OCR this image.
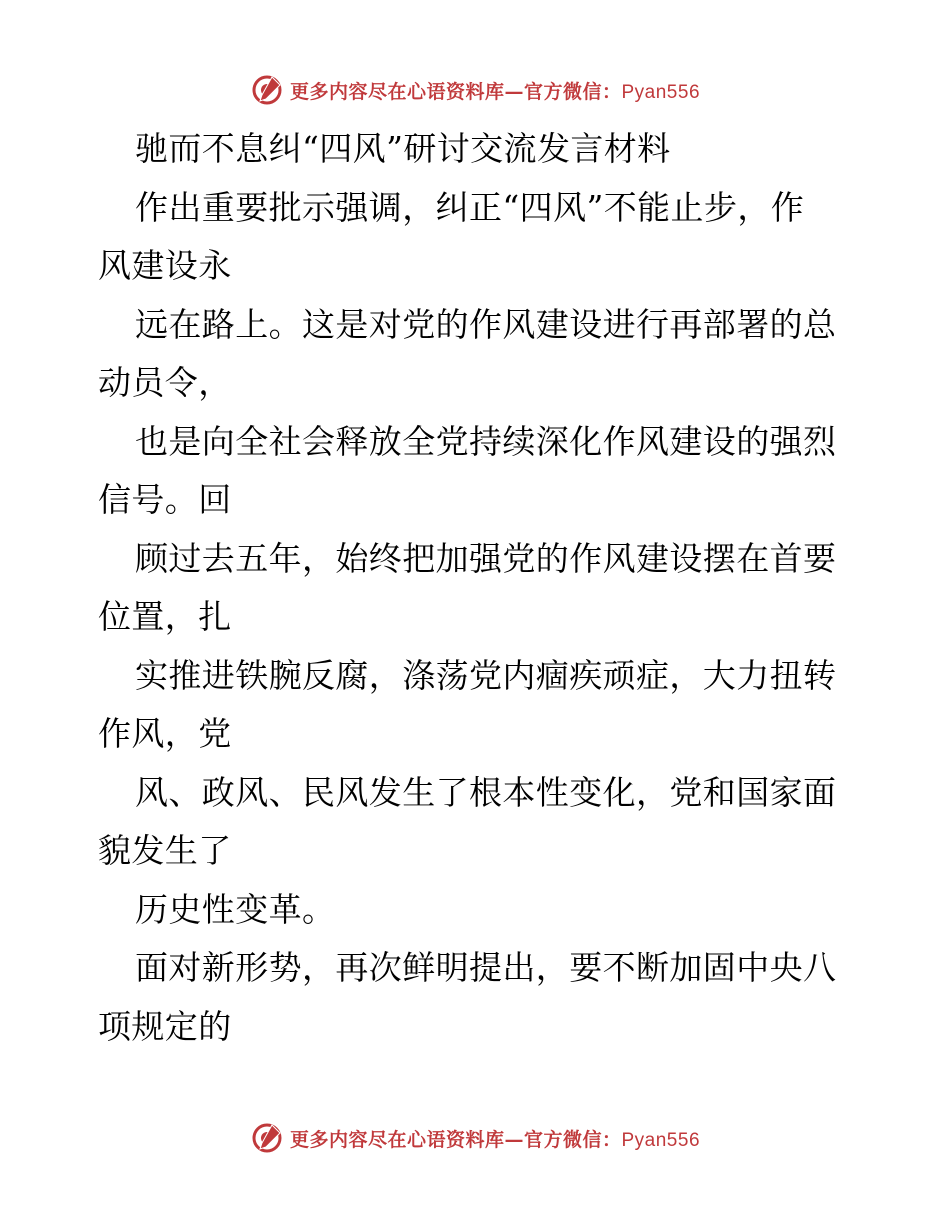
更多内容尽在心语资料库—官方微信：Pyan556
驰而不息纠“四风”研讨交流发言材料
作出重要批示强调，纠正“四风”不能止步，作
风建设永
远在路上。这是对党的作风建设进行再部署的总
动员令，
也是向全社会释放全党持续深化作风建设的强烈
信号。回
顾过去五年，始终把加强党的作风建设摆在首要
位置，扎
实推进铁腕反腐，涤荡党内痼疾顽症，大力扭转
作风，党
风、政风、民风发生了根本性变化，党和国家面
貌发生了
历史性变革。
面对新形势，再次鲜明提出，要不断加固中央八
项规定的
更多内容尽在心语资料库—官方微信：Pyan556
